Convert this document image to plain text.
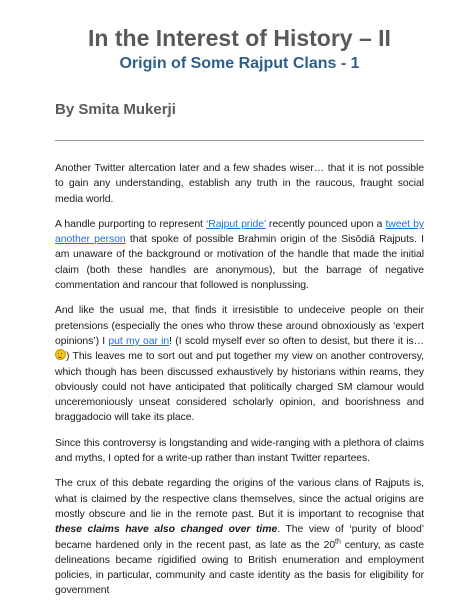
In the Interest of History – II
Origin of Some Rajput Clans - 1
By Smita Mukerji

Another Twitter altercation later and a few shades wiser… that it is not possible to gain any understanding, establish any truth in the raucous, fraught social media world.

A handle purporting to represent ‘Rajput pride’ recently pounced upon a tweet by another person that spoke of possible Brahmin origin of the Sisōdiā Rajputs. I am unaware of the background or motivation of the handle that made the initial claim (both these handles are anonymous), but the barrage of negative commentation and rancour that followed is nonplussing.

And like the usual me, that finds it irresistible to undeceive people on their pretensions (especially the ones who throw these around obnoxiously as ‘expert opinions’) I put my oar in! (I scold myself ever so often to desist, but there it is…) This leaves me to sort out and put together my view on another controversy, which though has been discussed exhaustively by historians within reams, they obviously could not have anticipated that politically charged SM clamour would unceremoniously unseat considered scholarly opinion, and boorishness and braggadocio will take its place.

Since this controversy is longstanding and wide-ranging with a plethora of claims and myths, I opted for a write-up rather than instant Twitter repartees.

The crux of this debate regarding the origins of the various clans of Rajputs is, what is claimed by the respective clans themselves, since the actual origins are mostly obscure and lie in the remote past. But it is important to recognise that these claims have also changed over time. The view of ‘purity of blood’ became hardened only in the recent past, as late as the 20th century, as caste delineations became rigidified owing to British enumeration and employment policies, in particular, community and caste identity as the basis for eligibility for government
